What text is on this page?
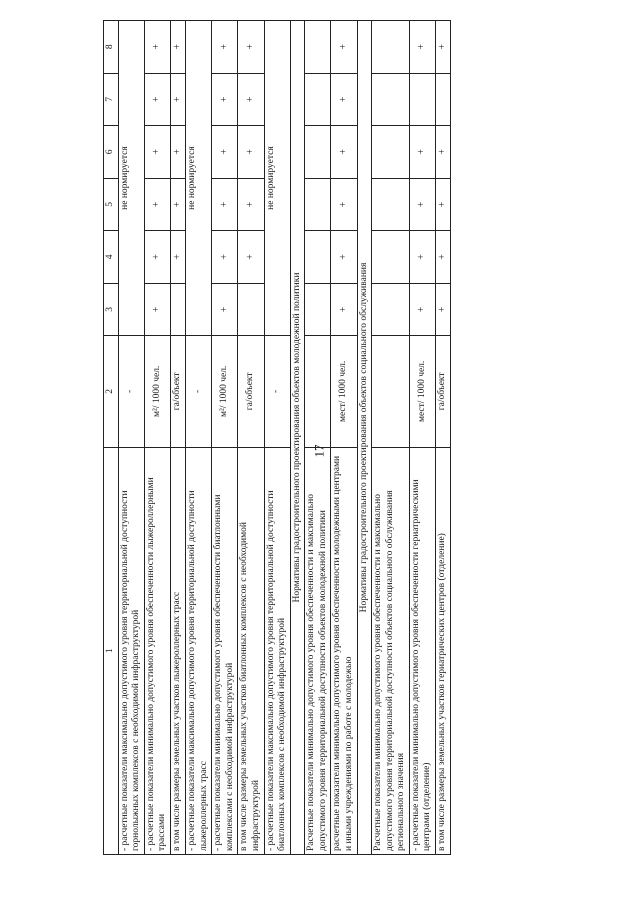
17
1	2	3	4	5	6	7	8
- расчетные показатели максимально допустимого уровня территориальной доступности горнолыжных комплексов с необходимой инфраструктурой	-	не нормируется					
- расчетные показатели минимально допустимого уровня обеспеченности лыжероллерными трассами	м²/ 1000 чел.	+	+	+	+	+	+
в том числе размеры земельных участков лыжероллерных трасс	га/объект		+	+	+	+	+
- расчетные показатели максимально допустимого уровня территориальной доступности лыжероллерных трасс	-	не нормируется					
- расчетные показатели минимально допустимого уровня обеспеченности биатлонными комплексами с необходимой инфраструктурой	м²/ 1000 чел.	+	+	+	+	+	+
в том числе размеры земельных участков биатлонных комплексов с необходимой инфраструктурой	га/объект		+	+	+	+	+
- расчетные показатели максимально допустимого уровня территориальной доступности биатлонных комплексов с необходимой инфраструктурой	-	не нормируется					
Нормативы градостроительного проектирования объектов молодежной политики							
Расчетные показатели минимально допустимого уровня обеспеченности и максимально допустимого уровня территориальной доступности объектов молодежной политики							
расчетные показатели минимально допустимого уровня обеспеченности молодежными центрами и иными учреждениями по работе с молодежью	мест/ 1000 чел.	+	+	+	+	+	+
Нормативы градостроительного проектирования объектов социального обслуживания							
Расчетные показатели минимально допустимого уровня обеспеченности и максимально допустимого уровня территориальной доступности объектов социального обслуживания регионального значения							
- расчетные показатели минимально допустимого уровня обеспеченности гериатрическими центрами (отделение)	мест/ 1000 чел.	+	+	+	+		+
в том числе размеры земельных участков гериатрических центров (отделение)	га/объект	+	+	+	+		+
